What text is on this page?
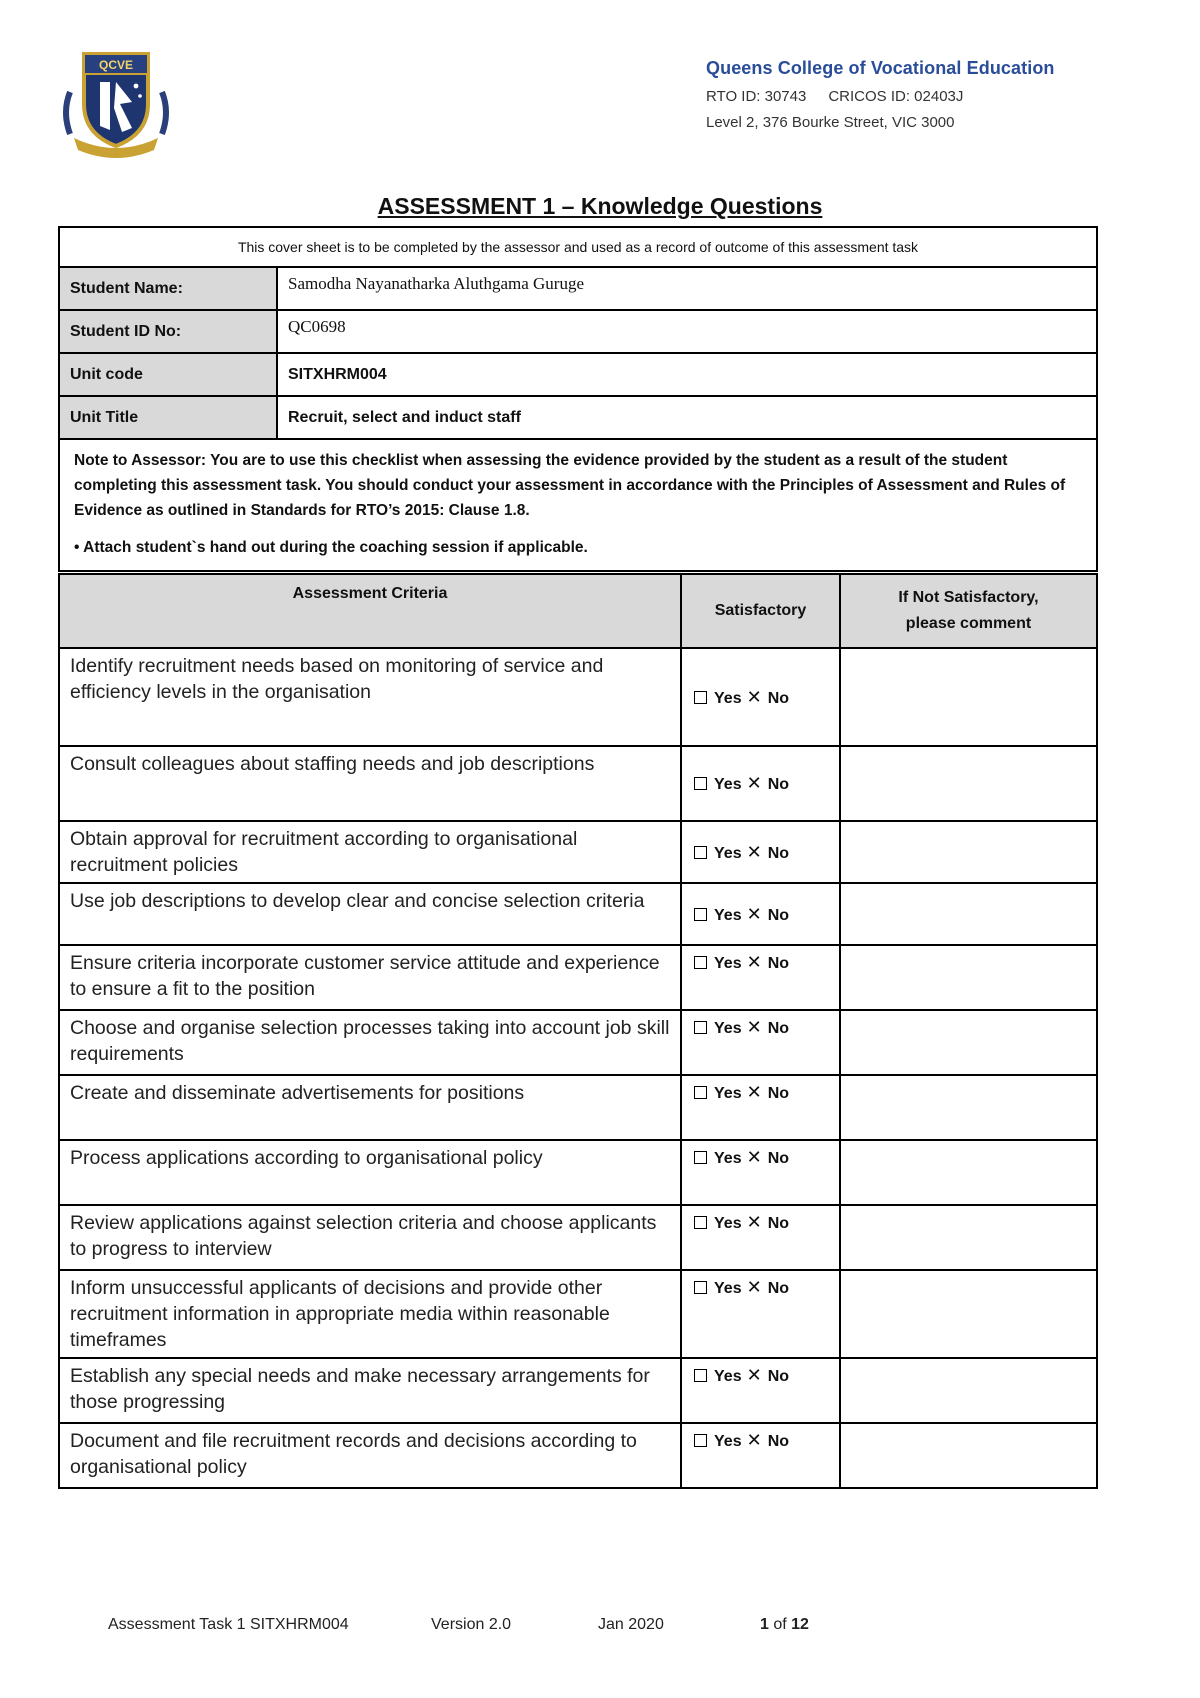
QCVE	Queens College of Vocational Education
RTO ID: 30743 CRICOS ID: 02403J
Level 2, 376 Bourke Street, VIC 3000
ASSESSMENT 1 – Knowledge Questions
This cover sheet is to be completed by the assessor and used as a record of outcome of this assessment task	
Student Name:	Samodha Nayanatharka Aluthgama Guruge
Student ID No:	QC0698
Unit code	SITXHRM004
Unit Title	Recruit, select and induct staff

Note to Assessor: You are to use this checklist when assessing the evidence provided by the student as a result of the student completing this assessment task. You should conduct your assessment in accordance with the Principles of Assessment and Rules of Evidence as outlined in Standards for RTO’s 2015: Clause 1.8.
• Attach student`s hand out during the coaching session if applicable.	
Assessment Criteria	Satisfactory	If Not Satisfactory,
please comment

Identify recruitment needs based on monitoring of service and efficiency levels in the organisation	Yes ✕ No	
Consult colleagues about staffing needs and job descriptions	Yes ✕ No	
Obtain approval for recruitment according to organisational recruitment policies	Yes ✕ No	
Use job descriptions to develop clear and concise selection criteria	Yes ✕ No	
Ensure criteria incorporate customer service attitude and experience to ensure a fit to the position	Yes ✕ No	
Choose and organise selection processes taking into account job skill requirements	Yes ✕ No	
Create and disseminate advertisements for positions	Yes ✕ No	
Process applications according to organisational policy	Yes ✕ No	
Review applications against selection criteria and choose applicants to progress to interview	Yes ✕ No	
Inform unsuccessful applicants of decisions and provide other recruitment information in appropriate media within reasonable timeframes	Yes ✕ No	
Establish any special needs and make necessary arrangements for those progressing	Yes ✕ No	
Document and file recruitment records and decisions according to organisational policy	Yes ✕ No	
Assessment Task 1 SITXHRM004	Version 2.0	Jan 2020	1 of 12
